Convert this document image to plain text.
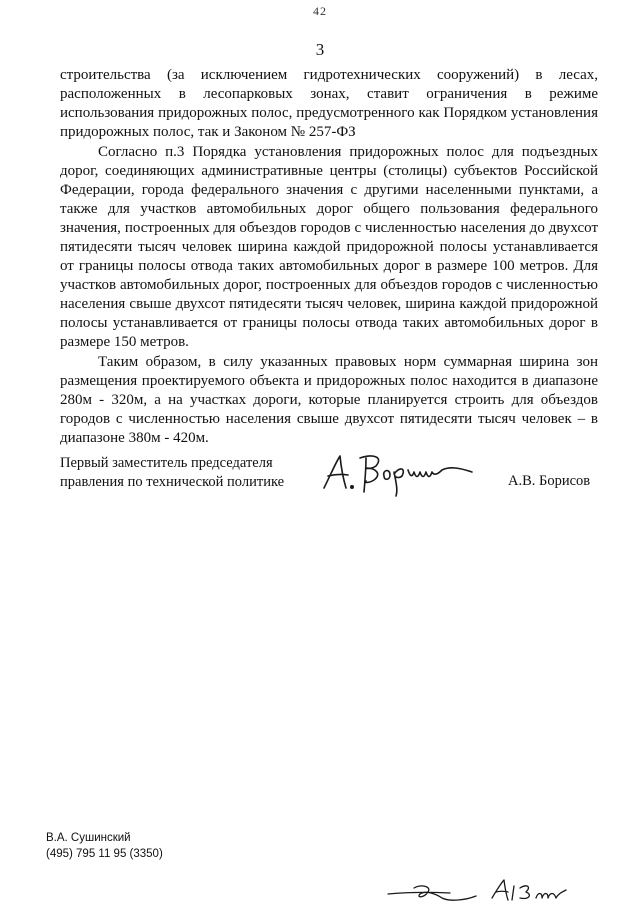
42
3

строительства (за исключением гидротехнических сооружений) в лесах, расположенных в лесопарковых зонах, ставит ограничения в режиме использования придорожных полос, предусмотренного как Порядком установления придорожных полос, так и Законом № 257-ФЗ

Согласно п.3 Порядка установления придорожных полос для подъездных дорог, соединяющих административные центры (столицы) субъектов Российской Федерации, города федерального значения с другими населенными пунктами, а также для участков автомобильных дорог общего пользования федерального значения, построенных для объездов городов с численностью населения до двухсот пятидесяти тысяч человек ширина каждой придорожной полосы устанавливается от границы полосы отвода таких автомобильных дорог в размере 100 метров. Для участков автомобильных дорог, построенных для объездов городов с численностью населения свыше двухсот пятидесяти тысяч человек, ширина каждой придорожной полосы устанавливается от границы полосы отвода таких автомобильных дорог в размере 150 метров.

Таким образом, в силу указанных правовых норм суммарная ширина зон размещения проектируемого объекта и придорожных полос находится в диапазоне 280м - 320м, а на участках дороги, которые планируется строить для объездов городов с численностью населения свыше двухсот пятидесяти тысяч человек – в диапазоне 380м - 420м.

Первый заместитель председателя
правления по технической политике	А.В. Борисов
В.А. Сушинский
(495) 795 11 95 (3350)
